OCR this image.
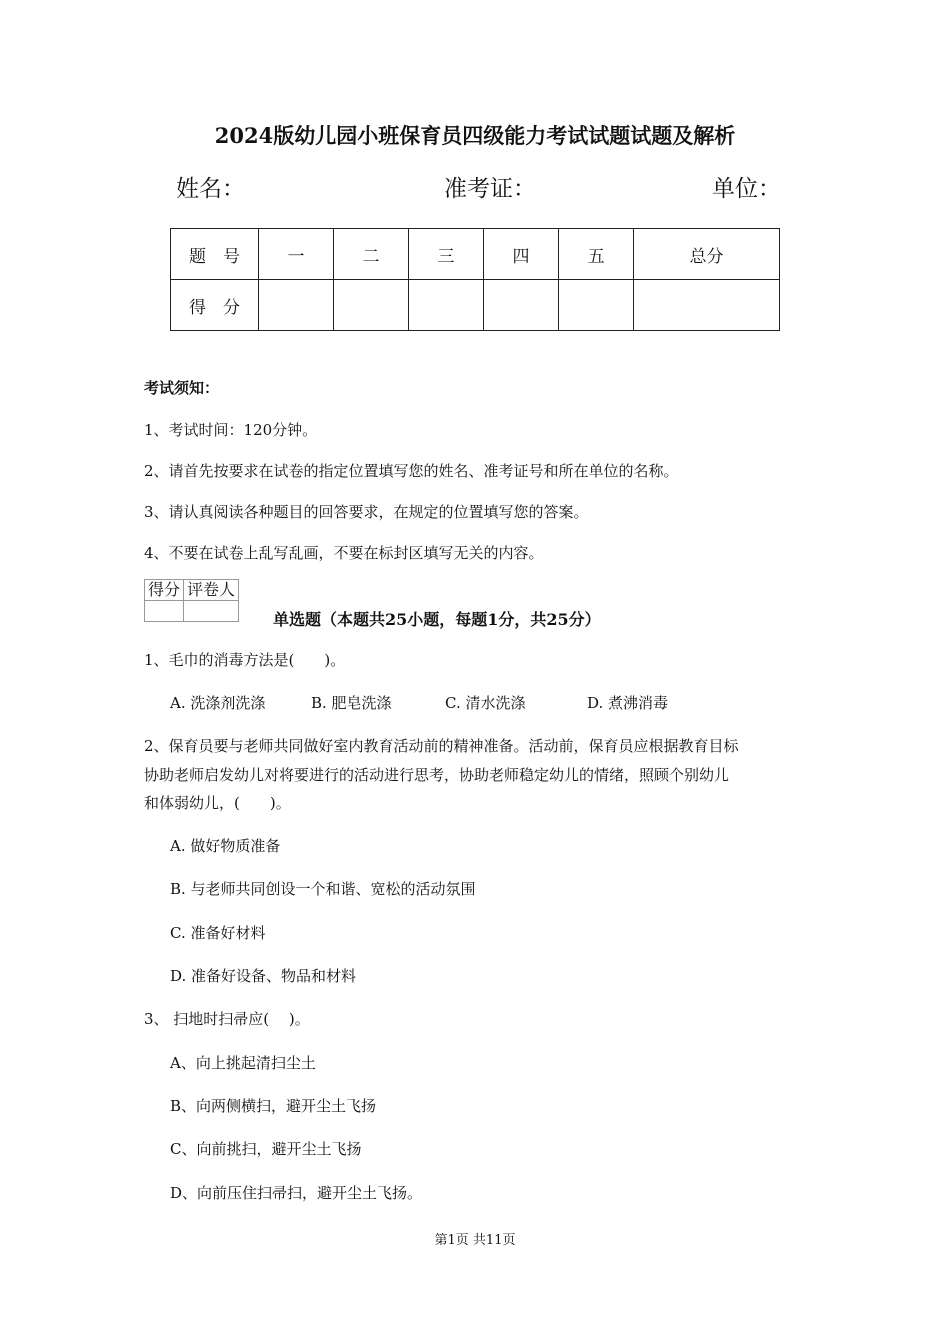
2024版幼儿园小班保育员四级能力考试试题试题及解析
姓名：	准考证：	单位：
题　号	一	二	三	四	五	总分
得　分						
考试须知：
1、考试时间：120分钟。
2、请首先按要求在试卷的指定位置填写您的姓名、准考证号和所在单位的名称。
3、请认真阅读各种题目的回答要求，在规定的位置填写您的答案。
4、不要在试卷上乱写乱画，不要在标封区填写无关的内容。
得分	评卷人

单选题（本题共25小题，每题1分，共25分）
1、毛巾的消毒方法是(　　)。
A. 洗涤剂洗涤	B. 肥皂洗涤	C. 清水洗涤	D. 煮沸消毒
2、保育员要与老师共同做好室内教育活动前的精神准备。活动前，保育员应根据教育目标
协助老师启发幼儿对将要进行的活动进行思考，协助老师稳定幼儿的情绪，照顾个别幼儿
和体弱幼儿，(　　)。
A. 做好物质准备
B. 与老师共同创设一个和谐、宽松的活动氛围
C. 准备好材料
D. 准备好设备、物品和材料
3、 扫地时扫帚应(　 )。
A、向上挑起清扫尘土
B、向两侧横扫，避开尘土飞扬
C、向前挑扫，避开尘土飞扬
D、向前压住扫帚扫，避开尘土飞扬。
第1页 共11页
